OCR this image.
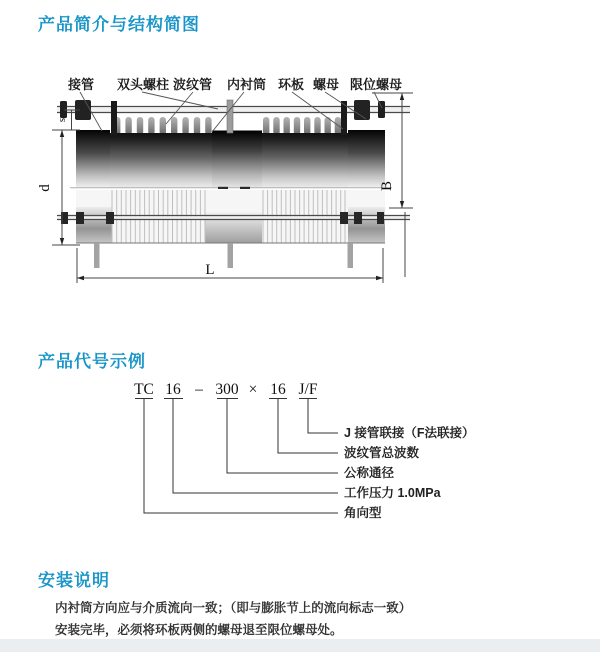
产品简介与结构简图
s
d	B
L
接管 双头螺柱 波纹管 内衬筒 环板 螺母 限位螺母
产品代号示例
TC 16 – 300 × 16 J/F
J 接管联接（F法联接）
波纹管总波数
公称通径
工作压力 1.0MPa
角向型
安装说明
内衬筒方向应与介质流向一致；（即与膨胀节上的流向标志一致）
安装完毕，必须将环板两侧的螺母退至限位螺母处。
